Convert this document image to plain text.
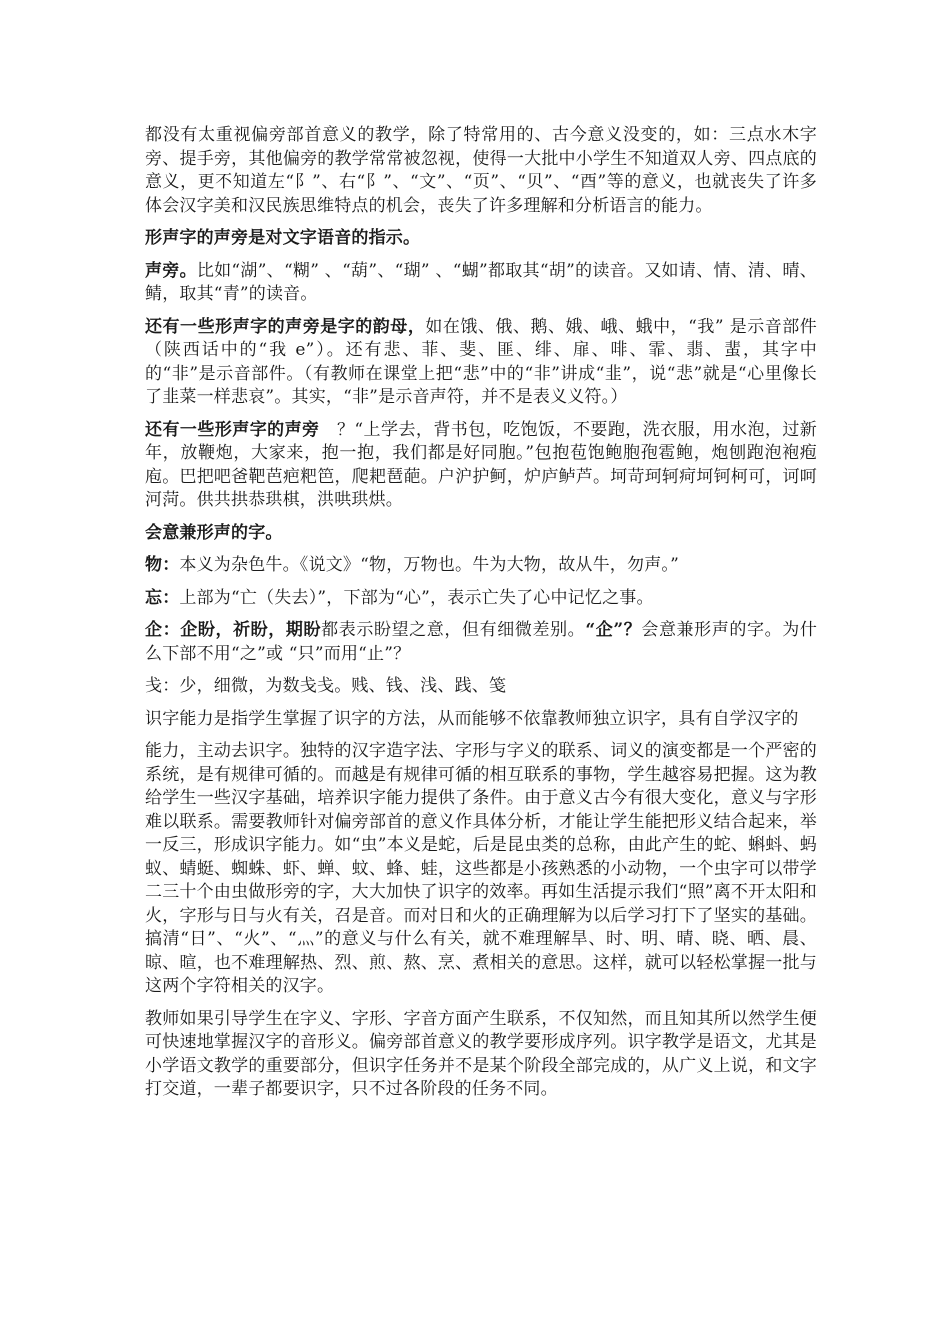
都没有太重视偏旁部首意义的教学，除了特常用的、古今意义没变的，如：三点水木字旁、提手旁，其他偏旁的教学常常被忽视，使得一大批中小学生不知道双人旁、四点底的意义，更不知道左“阝”、右“阝”、“文”、“页”、“贝”、“酉”等的意义，也就丧失了许多体会汉字美和汉民族思维特点的机会，丧失了许多理解和分析语言的能力。

形声字的声旁是对文字语音的指示。

声旁。比如“湖”、“糊” 、“葫”、“瑚” 、“蝴”都取其“胡”的读音。又如请、情、清、晴、鲭，取其“青”的读音。

还有一些形声字的声旁是字的韵母，如在饿、俄、鹅、娥、峨、蛾中，“我” 是示音部件（陕西话中的“我 e”）。还有悲、菲、斐、匪、绯、扉、啡、霏、翡、蜚，其字中的“非”是示音部件。（有教师在课堂上把“悲”中的“非”讲成“韭”，说“悲”就是“心里像长了韭菜一样悲哀”。其实，“非”是示音声符，并不是表义义符。）

还有一些形声字的声旁　？“上学去，背书包，吃饱饭，不要跑，洗衣服，用水泡，过新年，放鞭炮，大家来，抱一抱，我们都是好同胞。”包抱苞饱鲍胞孢雹鲍，炮刨跑泡袍疱庖。巴把吧爸靶芭疤粑笆，爬耙琶葩。户沪护鲄，炉庐鲈芦。坷苛珂轲疴坷钶柯可，诃呵河菏。供共拱恭珙棋，洪哄珙烘。

会意兼形声的字。

物：本义为杂色牛。《说文》“物，万物也。牛为大物，故从牛，勿声。”

忘：上部为“亡（失去）”，下部为“心”，表示亡失了心中记忆之事。

企：企盼，祈盼，期盼都表示盼望之意，但有细微差别。“企”？会意兼形声的字。为什么下部不用“之”或 “只”而用“止”？

戋：少，细微，为数戋戋。贱、钱、浅、践、笺

识字能力是指学生掌握了识字的方法，从而能够不依靠教师独立识字，具有自学汉字的

能力，主动去识字。独特的汉字造字法、字形与字义的联系、词义的演变都是一个严密的系统，是有规律可循的。而越是有规律可循的相互联系的事物，学生越容易把握。这为教给学生一些汉字基础，培养识字能力提供了条件。由于意义古今有很大变化，意义与字形难以联系。需要教师针对偏旁部首的意义作具体分析，才能让学生能把形义结合起来，举一反三，形成识字能力。如“虫”本义是蛇，后是昆虫类的总称，由此产生的蛇、蝌蚪、蚂蚁、蜻蜓、蜘蛛、虾、蝉、蚊、蜂、蛙，这些都是小孩熟悉的小动物，一个虫字可以带学二三十个由虫做形旁的字，大大加快了识字的效率。再如生活提示我们“照”离不开太阳和火，字形与日与火有关，召是音。而对日和火的正确理解为以后学习打下了坚实的基础。搞清“日”、“火”、“灬”的意义与什么有关，就不难理解旱、时、明、晴、晓、晒、晨、晾、暄，也不难理解热、烈、煎、熬、烹、煮相关的意思。这样，就可以轻松掌握一批与这两个字符相关的汉字。

教师如果引导学生在字义、字形、字音方面产生联系，不仅知然，而且知其所以然学生便可快速地掌握汉字的音形义。偏旁部首意义的教学要形成序列。识字教学是语文，尤其是小学语文教学的重要部分，但识字任务并不是某个阶段全部完成的，从广义上说，和文字打交道，一辈子都要识字，只不过各阶段的任务不同。
